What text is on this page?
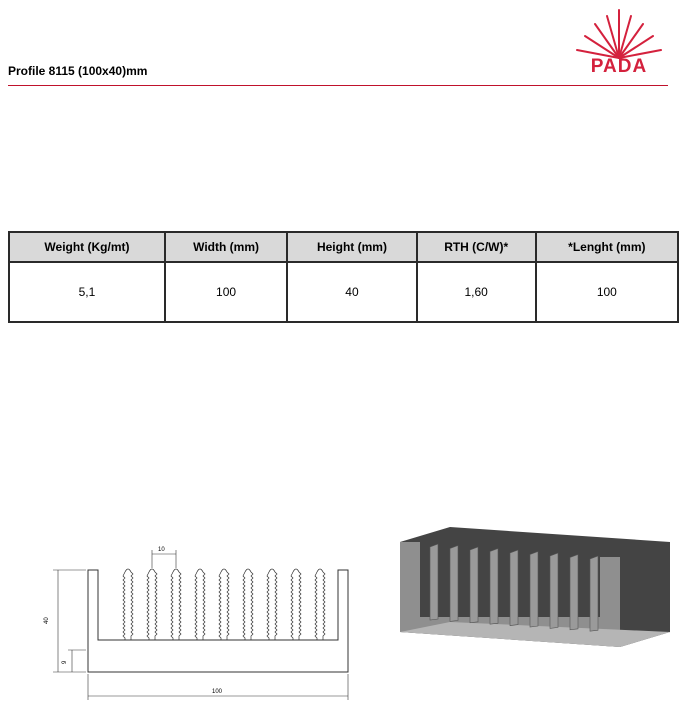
Profile 8115 (100x40)mm	PADA
Weight (Kg/mt)	Width (mm)	Height (mm)	RTH (C/W)*	*Lenght (mm)
5,1	100	40	1,60	100
10
40
9
100
